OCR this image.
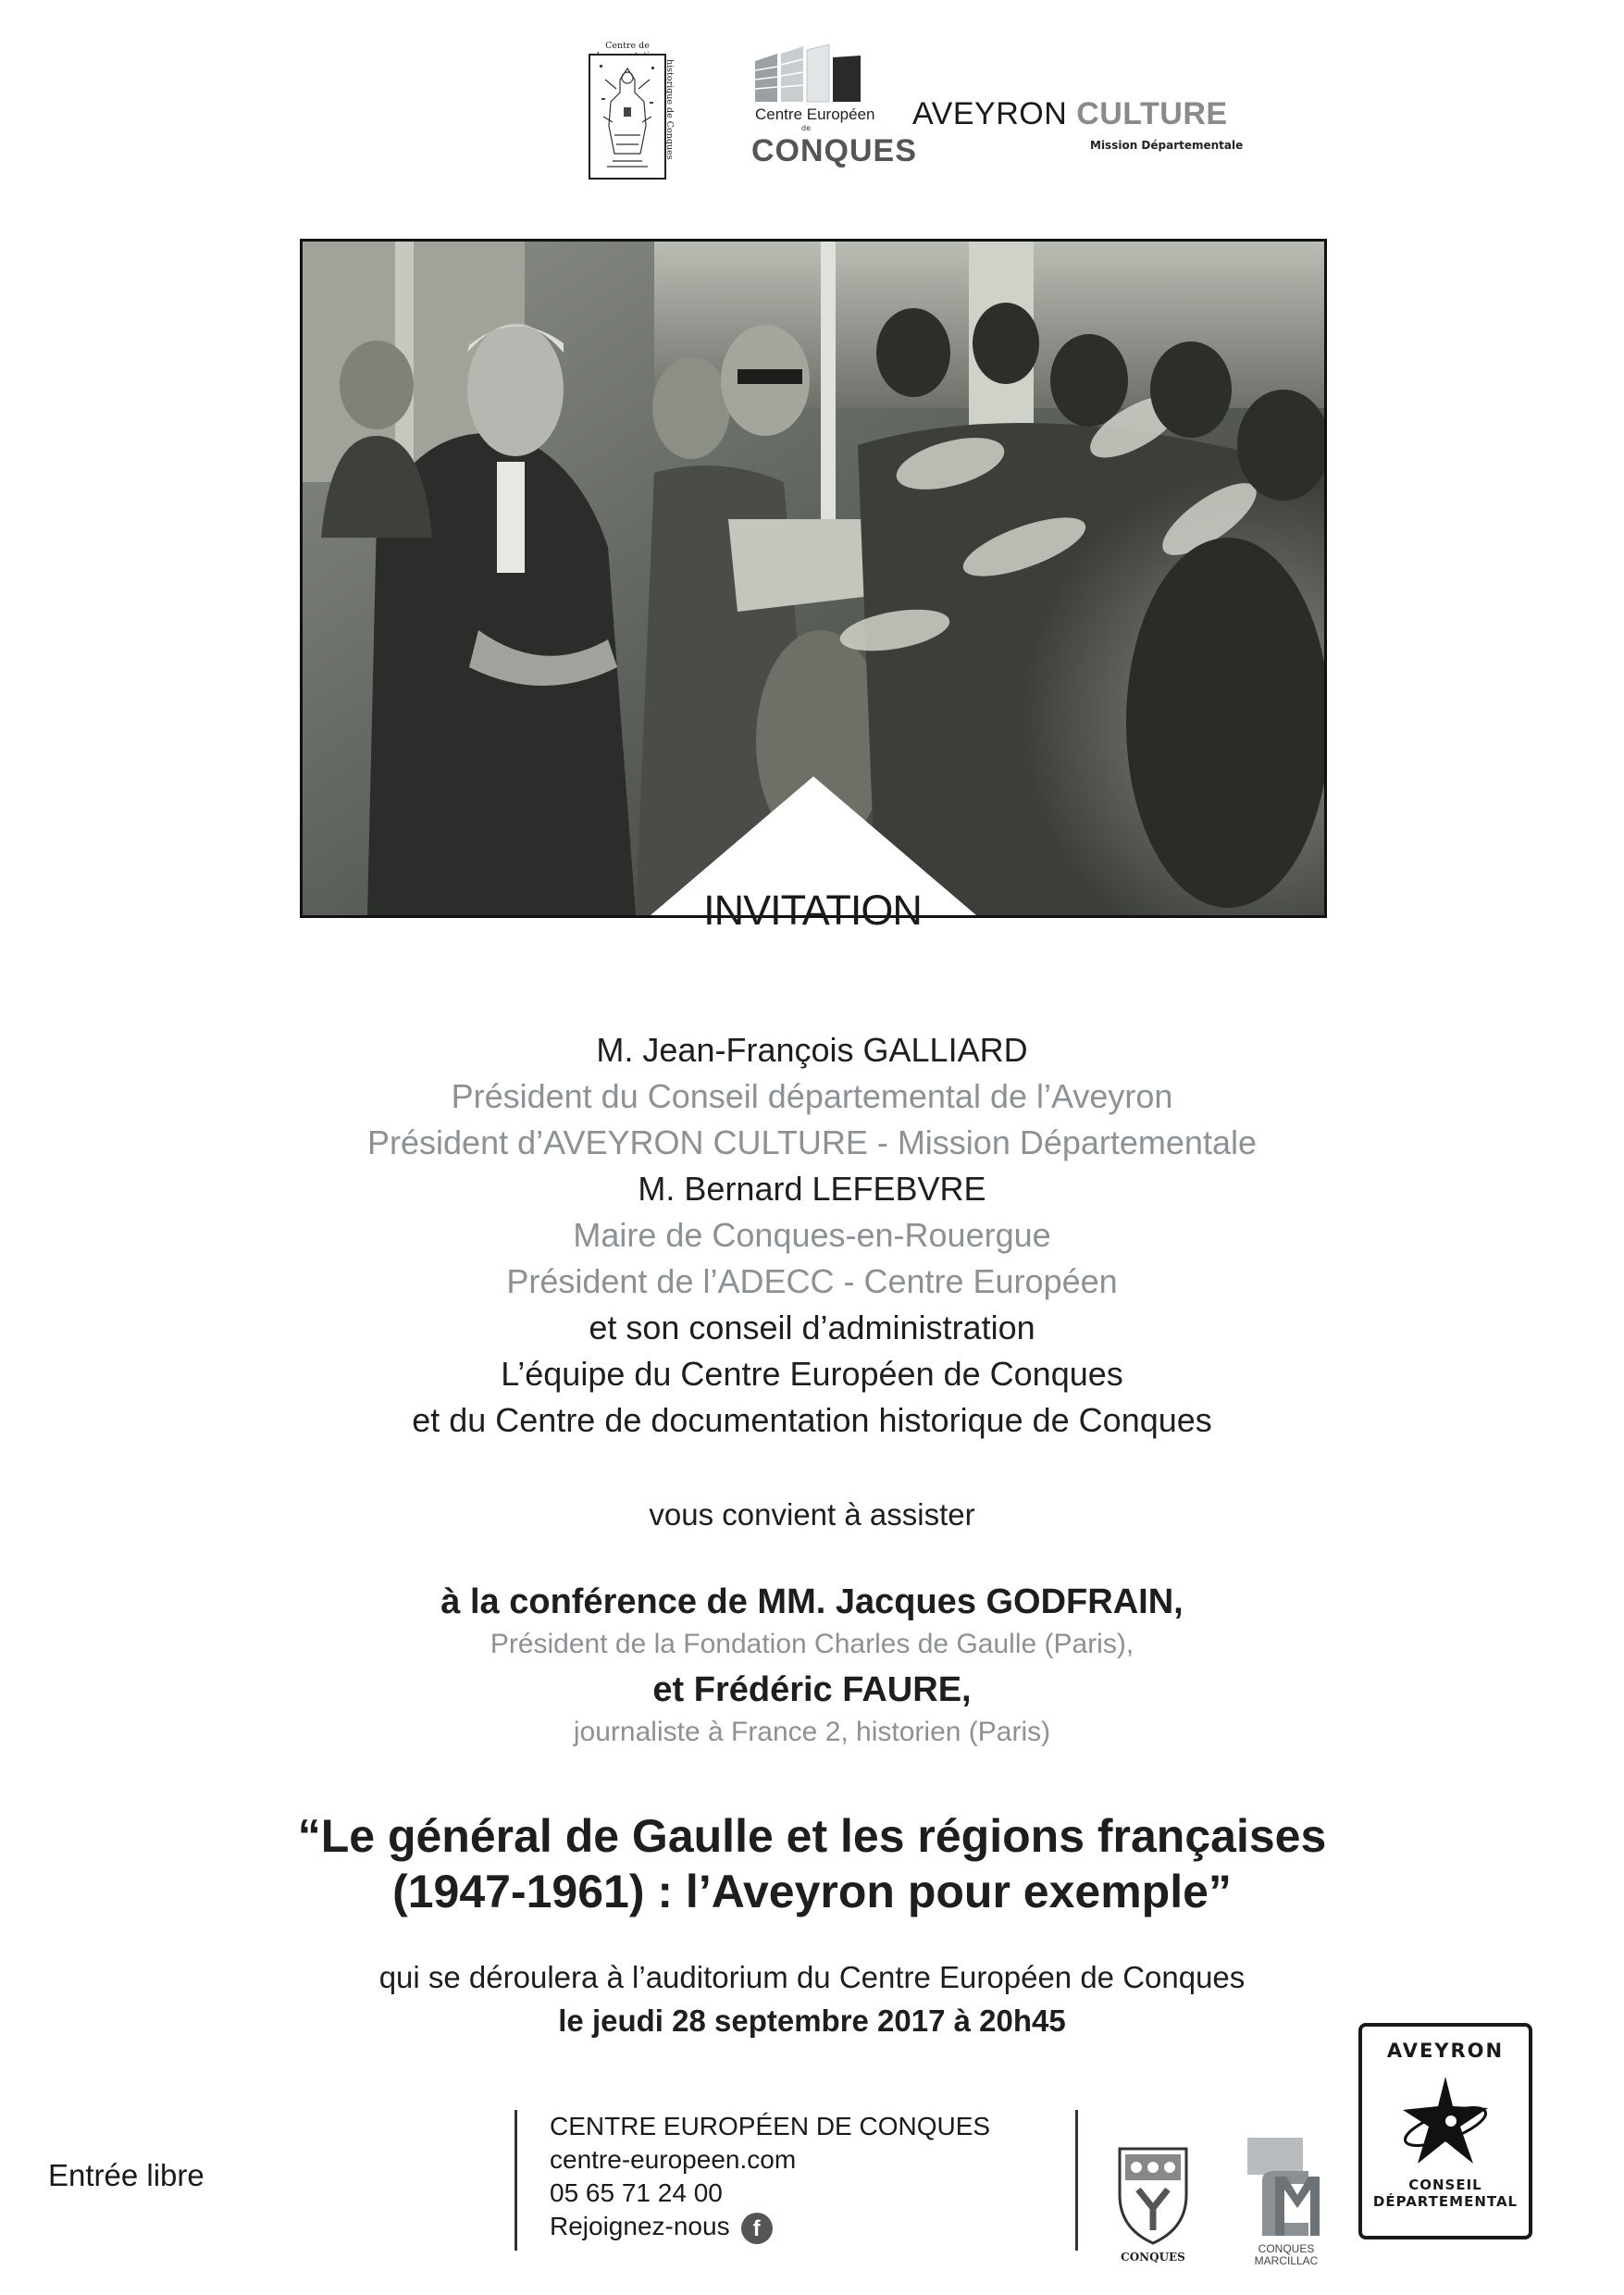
Centre de
historique de Conques	Centre Européen
de
CONQUES
AVEYRON CULTURE
Mission Départementale
INVITATION
M. Jean-François GALLIARD
Président du Conseil départemental de l’Aveyron
Président d’AVEYRON CULTURE - Mission Départementale
M. Bernard LEFEBVRE
Maire de Conques-en-Rouergue
Président de l’ADECC - Centre Européen
et son conseil d’administration
L’équipe du Centre Européen de Conques
et du Centre de documentation historique de Conques
vous convient à assister
à la conférence de MM. Jacques GODFRAIN,
Président de la Fondation Charles de Gaulle (Paris),
et Frédéric FAURE,
journaliste à France 2, historien (Paris)
“Le général de Gaulle et les régions françaises
(1947-1961) : l’Aveyron pour exemple”
qui se déroulera à l’auditorium du Centre Européen de Conques
le jeudi 28 septembre 2017 à 20h45
Entrée libre
CENTRE EUROPÉEN DE CONQUES
centre-europeen.com
05 65 71 24 00
Rejoignez-nous f
CONQUES
CONQUES
MARCILLAC
AVEYRON
CONSEIL
DÉPARTEMENTAL
